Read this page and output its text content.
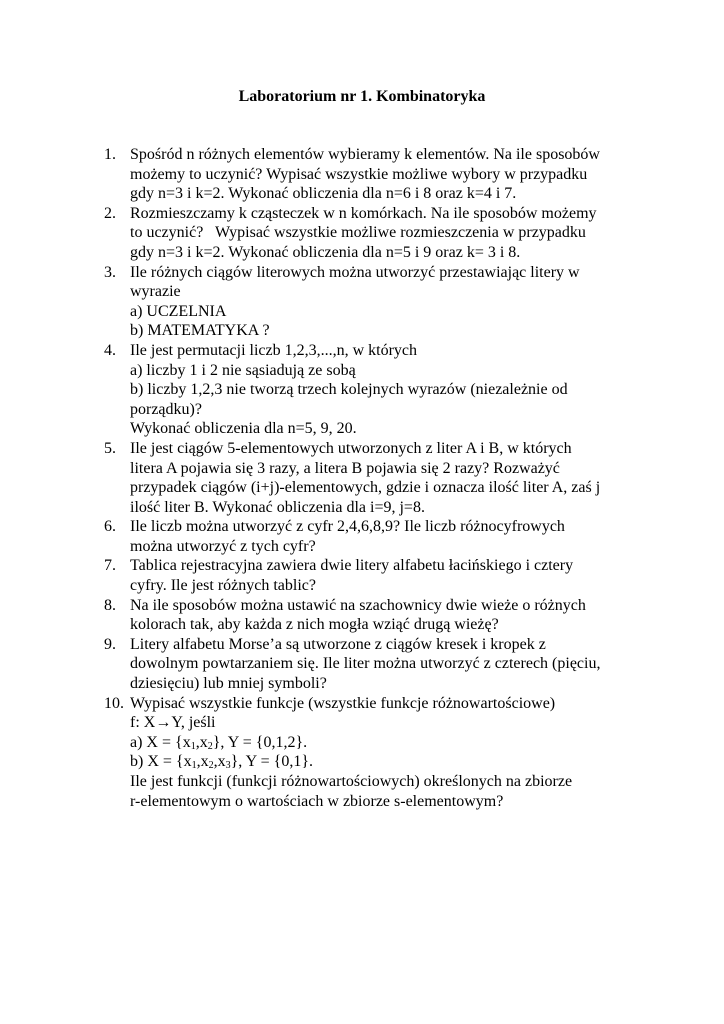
Laboratorium nr 1. Kombinatoryka
1. Spośród n różnych elementów wybieramy k elementów. Na ile sposobów
możemy to uczynić? Wypisać wszystkie możliwe wybory w przypadku
gdy n=3 i k=2. Wykonać obliczenia dla n=6 i 8 oraz k=4 i 7.
2. Rozmieszczamy k cząsteczek w n komórkach. Na ile sposobów możemy
to uczynić?   Wypisać wszystkie możliwe rozmieszczenia w przypadku
gdy n=3 i k=2. Wykonać obliczenia dla n=5 i 9 oraz k= 3 i 8.
3. Ile różnych ciągów literowych można utworzyć przestawiając litery w
wyrazie
a) UCZELNIA
b) MATEMATYKA ?
4. Ile jest permutacji liczb 1,2,3,...,n, w których
a) liczby 1 i 2 nie sąsiadują ze sobą
b) liczby 1,2,3 nie tworzą trzech kolejnych wyrazów (niezależnie od
porządku)?
Wykonać obliczenia dla n=5, 9, 20.
5. Ile jest ciągów 5-elementowych utworzonych z liter A i B, w których
litera A pojawia się 3 razy, a litera B pojawia się 2 razy? Rozważyć
przypadek ciągów (i+j)-elementowych, gdzie i oznacza ilość liter A, zaś j
ilość liter B. Wykonać obliczenia dla i=9, j=8.
6. Ile liczb można utworzyć z cyfr 2,4,6,8,9? Ile liczb różnocyfrowych
można utworzyć z tych cyfr?
7. Tablica rejestracyjna zawiera dwie litery alfabetu łacińskiego i cztery
cyfry. Ile jest różnych tablic?
8. Na ile sposobów można ustawić na szachownicy dwie wieże o różnych
kolorach tak, aby każda z nich mogła wziąć drugą wieżę?
9. Litery alfabetu Morse’a są utworzone z ciągów kresek i kropek z
dowolnym powtarzaniem się. Ile liter można utworzyć z czterech (pięciu,
dziesięciu) lub mniej symboli?
10. Wypisać wszystkie funkcje (wszystkie funkcje różnowartościowe)
f: X→Y, jeśli
a) $X = \{x_1,x_2\}$, Y = {0,1,2}.
b) $X = \{x_1,x_2,x_3\}$, Y = {0,1}.
Ile jest funkcji (funkcji różnowartościowych) określonych na zbiorze
r-elementowym o wartościach w zbiorze s-elementowym?
